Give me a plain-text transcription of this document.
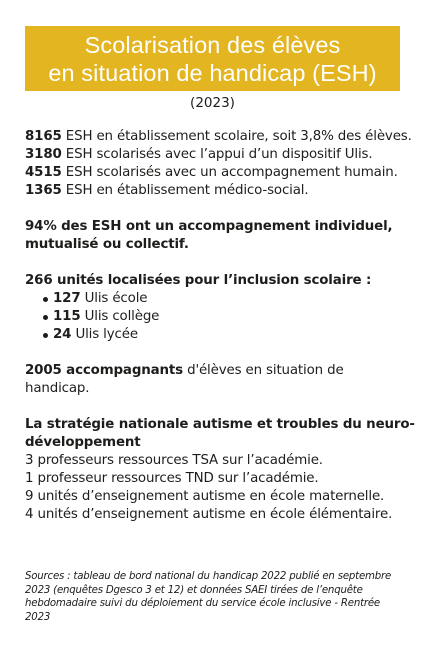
Scolarisation des élèves
en situation de handicap (ESH)
(2023)

8165 ESH en établissement scolaire, soit 3,8% des élèves.

3180 ESH scolarisés avec l’appui d’un dispositif Ulis.

4515 ESH scolarisés avec un accompagnement humain.

1365 ESH en établissement médico-social.

94% des ESH ont un accompagnement individuel,

mutualisé ou collectif.

266 unités localisées pour l’inclusion scolaire :

127 Ulis école
115 Ulis collège
24 Ulis lycée

2005 accompagnants d'élèves en situation de

handicap.

La stratégie nationale autisme et troubles du neuro-

développement

3 professeurs ressources TSA sur l’académie.

1 professeur ressources TND sur l’académie.

9 unités d’enseignement autisme en école maternelle.

4 unités d’enseignement autisme en école élémentaire.

Sources : tableau de bord national du handicap 2022 publié en septembre

2023 (enquêtes Dgesco 3 et 12) et données SAEI tirées de l’enquête

hebdomadaire suivi du déploiement du service école inclusive - Rentrée 2023
